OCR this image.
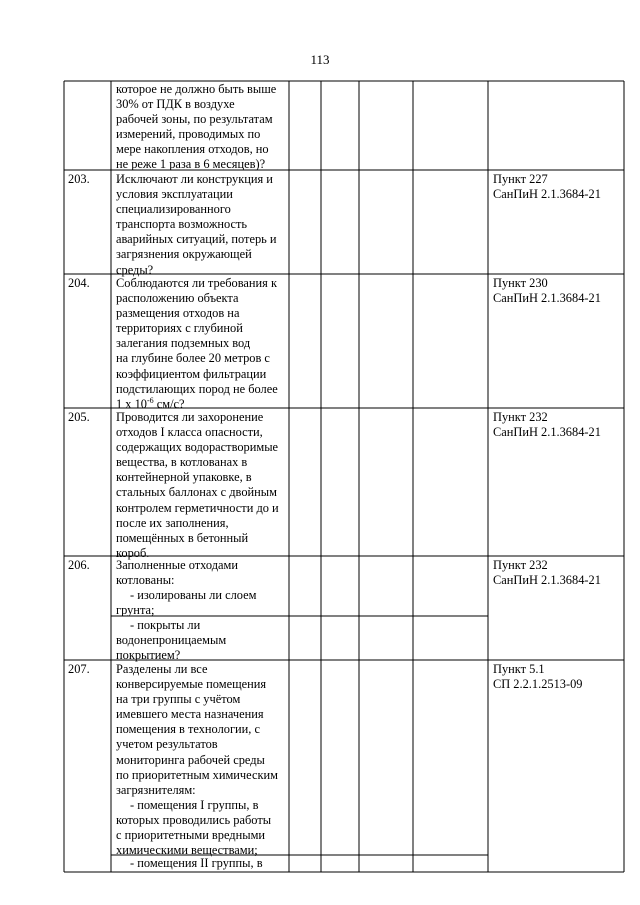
113
которое не должно быть выше
30% от ПДК в воздухе
рабочей зоны, по результатам
измерений, проводимых по
мере накопления отходов, но
не реже 1 раза в 6 месяцев)?
203.	Исключают ли конструкция и
условия эксплуатации
специализированного
транспорта возможность
аварийных ситуаций, потерь и
загрязнения окружающей
среды?
Пункт 227
СанПиН 2.1.3684-21
204.	Соблюдаются ли требования к
расположению объекта
размещения отходов на
территориях с глубиной
залегания подземных вод
на глубине более 20 метров с
коэффициентом фильтрации
подстилающих пород не более
1 х $10^{-6}$ см/с?
Пункт 230
СанПиН 2.1.3684-21
205.	Проводится ли захоронение
отходов I класса опасности,
содержащих водорастворимые
вещества, в котлованах в
контейнерной упаковке, в
стальных баллонах с двойным
контролем герметичности до и
после их заполнения,
помещённых в бетонный
короб.
Пункт 232
СанПиН 2.1.3684-21
206.	Заполненные отходами
котлованы:
- изолированы ли слоем
грунта;
- покрыты ли
водонепроницаемым
покрытием?
Пункт 232
СанПиН 2.1.3684-21
207.	Разделены ли все
конверсируемые помещения
на три группы с учётом
имевшего места назначения
помещения в технологии, с
учетом результатов
мониторинга рабочей среды
по приоритетным химическим
загрязнителям:
- помещения I группы, в
которых проводились работы
с приоритетными вредными
химическими веществами;
- помещения II группы, в
Пункт 5.1
СП 2.2.1.2513-09
